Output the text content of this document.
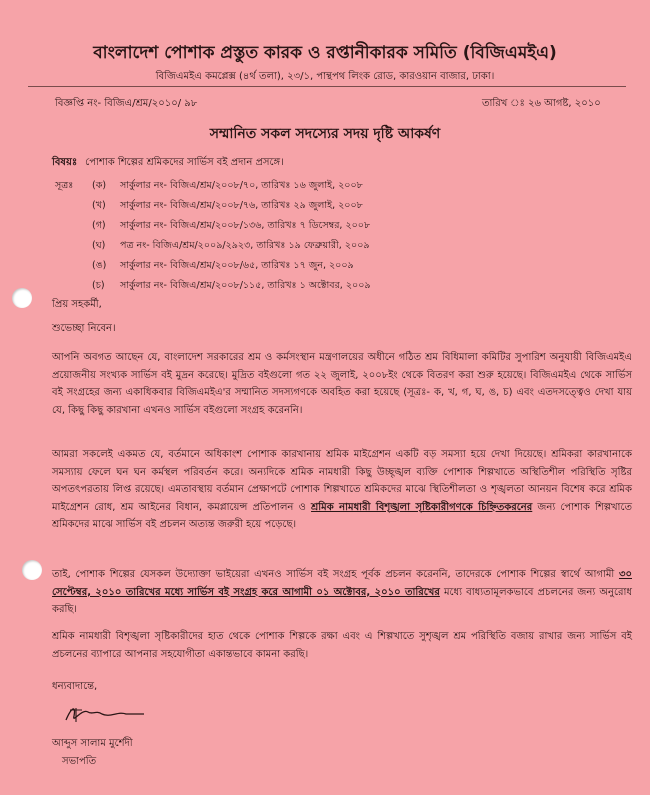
বাংলাদেশ পোশাক প্রস্তুত কারক ও রপ্তানীকারক সমিতি (বিজিএমইএ)
বিজিএমইএ কমপ্লেক্স (৪র্থ তলা), ২৩/১, পান্থপথ লিংক রোড, কারওয়ান বাজার, ঢাকা।
বিজ্ঞপ্তি নং- বিজিএ/শ্রম/২০১০/ ৯৮	তারিখ ঃ ২৬ আগষ্ট, ২০১০
সম্মানিত সকল সদস্যের সদয় দৃষ্টি আকর্ষণ
বিষয়ঃ পোশাক শিল্পের শ্রমিকদের সার্ভিস বই প্রদান প্রসঙ্গে।
সূত্রঃ (ক) সার্কুলার নং- বিজিএ/শ্রম/২০০৮/৭০, তারিখঃ ১৬ জুলাই, ২০০৮
(খ) সার্কুলার নং- বিজিএ/শ্রম/২০০৮/৭৬, তারিখঃ ২৯ জুলাই, ২০০৮
(গ) সার্কুলার নং- বিজিএ/শ্রম/২০০৮/১৩৬, তারিখঃ ৭ ডিসেম্বর, ২০০৮
(ঘ) পত্র নং- বিজিএ/শ্রম/২০০৯/২৯২৩, তারিখঃ ১৯ ফেব্রুয়ারী, ২০০৯
(ঙ) সার্কুলার নং- বিজিএ/শ্রম/২০০৮/৬৫, তারিখঃ ১৭ জুন, ২০০৯
(চ) সার্কুলার নং- বিজিএ/শ্রম/২০০৮/১১৫, তারিখঃ ১ অক্টোবর, ২০০৯
প্রিয় সহকর্মী,
শুভেচ্ছা নিবেন।
আপনি অবগত আছেন যে, বাংলাদেশ সরকারের শ্রম ও কর্মসংস্থান মন্ত্রণালয়ের অধীনে গঠিত শ্রম বিধিমালা কমিটির সুপারিশ অনুযায়ী বিজিএমইএ প্রয়োজনীয় সংখ্যক সার্ভিস বই মুদ্রন করেছে। মুদ্রিত বইগুলো গত ২২ জুলাই, ২০০৮ইং থেকে বিতরণ করা শুরু হয়েছে। বিজিএমইএ থেকে সার্ভিস বই সংগ্রহের জন্য একাধিকবার বিজিএমইএ'র সম্মানিত সদস্যগণকে অবহিত করা হয়েছে (সূত্রঃ- ক, খ, গ, ঘ, ঙ, চ) এবং এতদসত্ত্বেও দেখা যায় যে, কিছু কিছু কারখানা এখনও সার্ভিস বইগুলো সংগ্রহ করেননি।
আমরা সকলেই একমত যে, বর্তমানে অধিকাংশ পোশাক কারখানায় শ্রমিক মাইগ্রেশন একটি বড় সমস্যা হয়ে দেখা দিয়েছে। শ্রমিকরা কারখানাকে সমস্যায় ফেলে ঘন ঘন কর্মস্থল পরিবর্তন করে। অন্যদিকে শ্রমিক নামধারী কিছু উচ্ছৃঙ্খল ব্যক্তি পোশাক শিল্পখাতে অস্থিতিশীল পরিস্থিতি সৃষ্টির অপতৎপরতায় লিপ্ত রয়েছে। এমতাবস্থায় বর্তমান প্রেক্ষাপটে পোশাক শিল্পখাতে শ্রমিকদের মাঝে স্থিতিশীলতা ও শৃঙ্খলতা আনয়ন বিশেষ করে শ্রমিক মাইগ্রেশন রোধ, শ্রম আইনের বিধান, কমপ্লায়েন্স প্রতিপালন ও শ্রমিক নামধারী বিশৃঙ্খলা সৃষ্টিকারীগণকে চিহ্নিতকরনের জন্য পোশাক শিল্পখাতে শ্রমিকদের মাঝে সার্ভিস বই প্রচলন অত্যন্ত জরুরী হয়ে পড়েছে।
তাই, পোশাক শিল্পের যেসকল উদ্যোক্তা ভাইয়েরা এখনও সার্ভিস বই সংগ্রহ পূর্বক প্রচলন করেননি, তাদেরকে পোশাক শিল্পের স্বার্থে আগামী ৩০ সেপ্টেম্বর, ২০১০ তারিখের মধ্যে সার্ভিস বই সংগ্রহ করে আগামী ০১ অক্টোবর, ২০১০ তারিখের মধ্যে বাধ্যতামূলকভাবে প্রচলনের জন্য অনুরোধ করছি।
শ্রমিক নামধারী বিশৃঙ্খলা সৃষ্টিকারীদের হাত থেকে পোশাক শিল্পকে রক্ষা এবং এ শিল্পখাতে সুশৃঙ্খল শ্রম পরিস্থিতি বজায় রাখার জন্য সার্ভিস বই প্রচলনের ব্যাপারে আপনার সহযোগীতা একান্তভাবে কামনা করছি।
ধন্যবাদান্তে,
আব্দুস সালাম মুর্শেদী
সভাপতি
